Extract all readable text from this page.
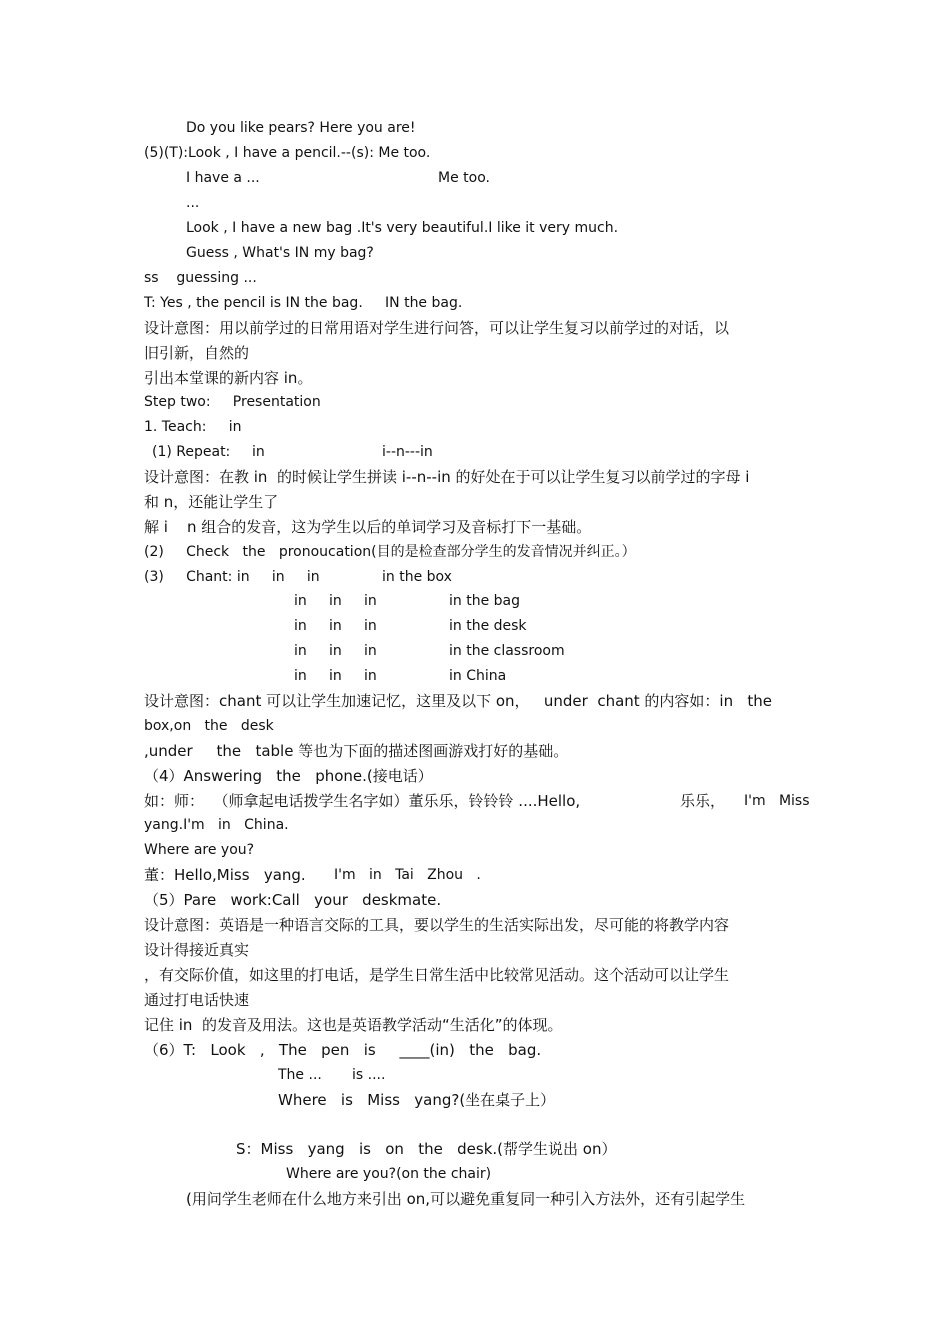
Do you like pears? Here you are!
(5)(T):Look , I have a pencil.--(s): Me too.
I have a ...	Me too.
...
Look , I have a new bag .It's very beautiful.I like it very much.
Guess , What's IN my bag?
ss    guessing ...
T: Yes , the pencil is IN the bag.     IN the bag.
设计意图：用以前学过的日常用语对学生进行问答，可以让学生复习以前学过的对话，以
旧引新，自然的
引出本堂课的新内容 in。
Step two:     Presentation
1. Teach:     in
(1) Repeat: in	i--n---in
设计意图：在教 in  的时候让学生拼读 i--n--in 的好处在于可以让学生复习以前学过的字母 i
和 n，还能让学生了
解 i    n 组合的发音，这为学生以后的单词学习及音标打下一基础。
(2)     Check   the   pronoucation(目的是检查部分学生的发音情况并纠正。）
(3)     Chant: in     in     in	in the box
in     in     in	in the bag
in     in     in	in the desk
in     in     in	in the classroom
in     in     in	in China
设计意图：chant 可以让学生加速记忆，这里及以下 on，   under  chant 的内容如：in   the
box,on   the   desk
,under     the   table 等也为下面的描述图画游戏打好的基础。
（4）Answering   the   phone.(接电话）
如：师：  （师拿起电话拨学生名字如）董乐乐，铃铃铃 ....Hello,	乐乐， I'm   Miss
yang.I'm   in   China.
Where are you?
董：Hello,Miss   yang. I'm   in   Tai   Zhou   .
（5）Pare   work:Call   your   deskmate.
设计意图：英语是一种语言交际的工具，要以学生的生活实际出发，尽可能的将教学内容
设计得接近真实
，有交际价值，如这里的打电话，是学生日常生活中比较常见活动。这个活动可以让学生
通过打电话快速
记住 in  的发音及用法。这也是英语教学活动“生活化”的体现。
（6）T:   Look   ,   The   pen   is     ____(in)   the   bag.
The ... is ....
Where   is   Miss   yang?(坐在桌子上）
S：Miss   yang   is   on   the   desk.(帮学生说出 on）
Where are you?(on the chair)
(用问学生老师在什么地方来引出 on,可以避免重复同一种引入方法外，还有引起学生
